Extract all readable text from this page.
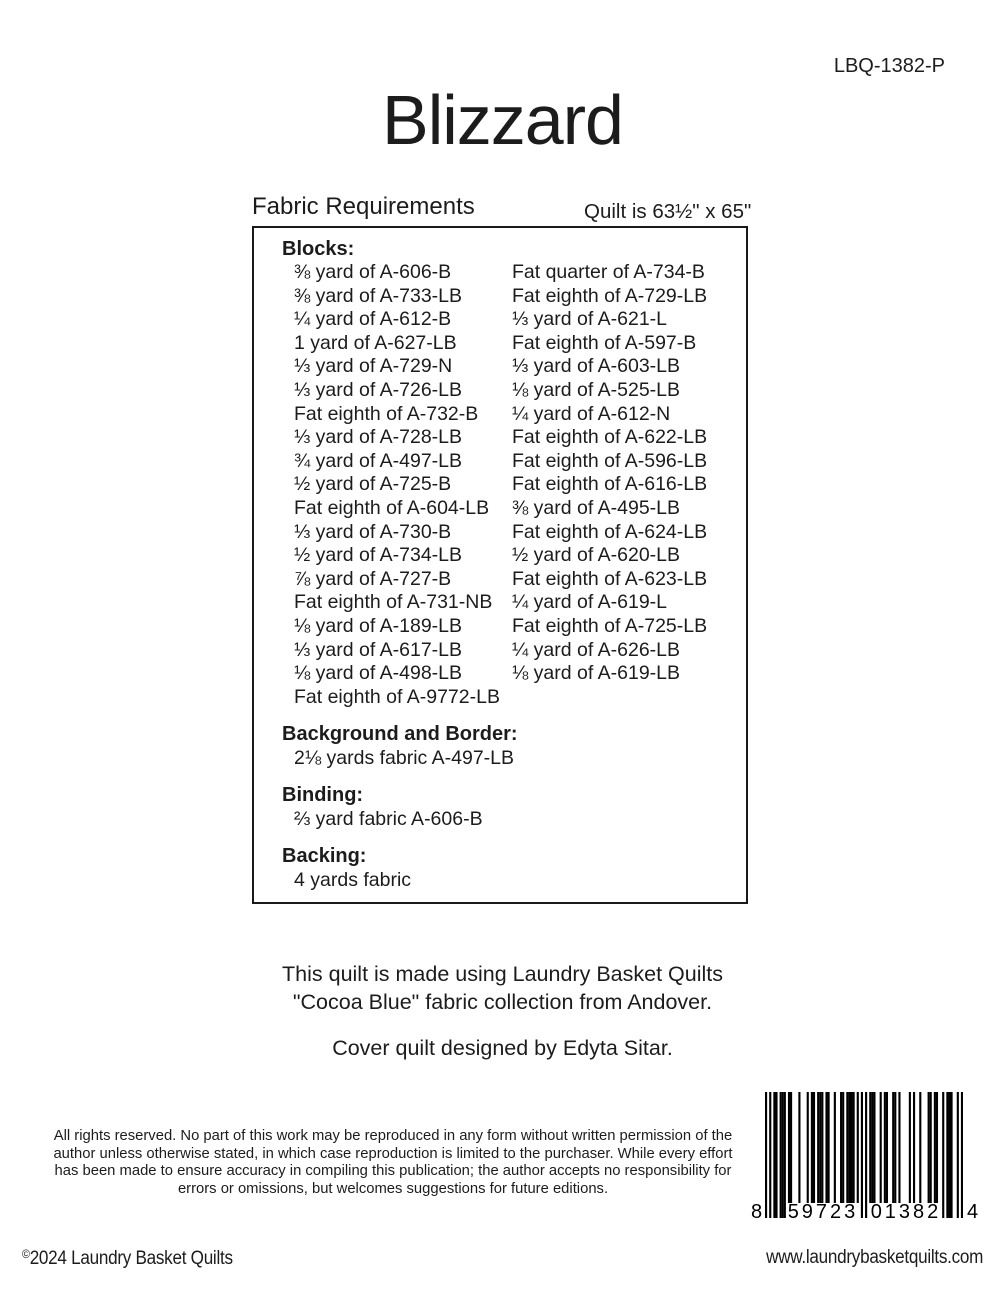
LBQ-1382-P
Blizzard
Fabric Requirements	Quilt is 63½" x 65"
Blocks:
⅜ yard of A-606-B
⅜ yard of A-733-LB
¼ yard of A-612-B
1 yard of A-627-LB
⅓ yard of A-729-N
⅓ yard of A-726-LB
Fat eighth of A-732-B
⅓ yard of A-728-LB
¾ yard of A-497-LB
½ yard of A-725-B
Fat eighth of A-604-LB
⅓ yard of A-730-B
½ yard of A-734-LB
⅞ yard of A-727-B
Fat eighth of A-731-NB
⅛ yard of A-189-LB
⅓ yard of A-617-LB
⅛ yard of A-498-LB
Fat eighth of A-9772-LB
Fat quarter of A-734-B
Fat eighth of A-729-LB
⅓ yard of A-621-L
Fat eighth of A-597-B
⅓ yard of A-603-LB
⅛ yard of A-525-LB
¼ yard of A-612-N
Fat eighth of A-622-LB
Fat eighth of A-596-LB
Fat eighth of A-616-LB
⅜ yard of A-495-LB
Fat eighth of A-624-LB
½ yard of A-620-LB
Fat eighth of A-623-LB
¼ yard of A-619-L
Fat eighth of A-725-LB
¼ yard of A-626-LB
⅛ yard of A-619-LB
Background and Border:
2⅛ yards fabric A-497-LB
Binding:
⅔ yard fabric A-606-B
Backing:
4 yards fabric
This quilt is made using Laundry Basket Quilts
"Cocoa Blue" fabric collection from Andover.
Cover quilt designed by Edyta Sitar.
All rights reserved. No part of this work may be reproduced in any form without written permission of the
author unless otherwise stated, in which case reproduction is limited to the purchaser. While every effort
has been made to ensure accuracy in compiling this publication; the author accepts no responsibility for
errors or omissions, but welcomes suggestions for future editions.
8 59723 01382 4
©2024 Laundry Basket Quilts	www.laundrybasketquilts.com
